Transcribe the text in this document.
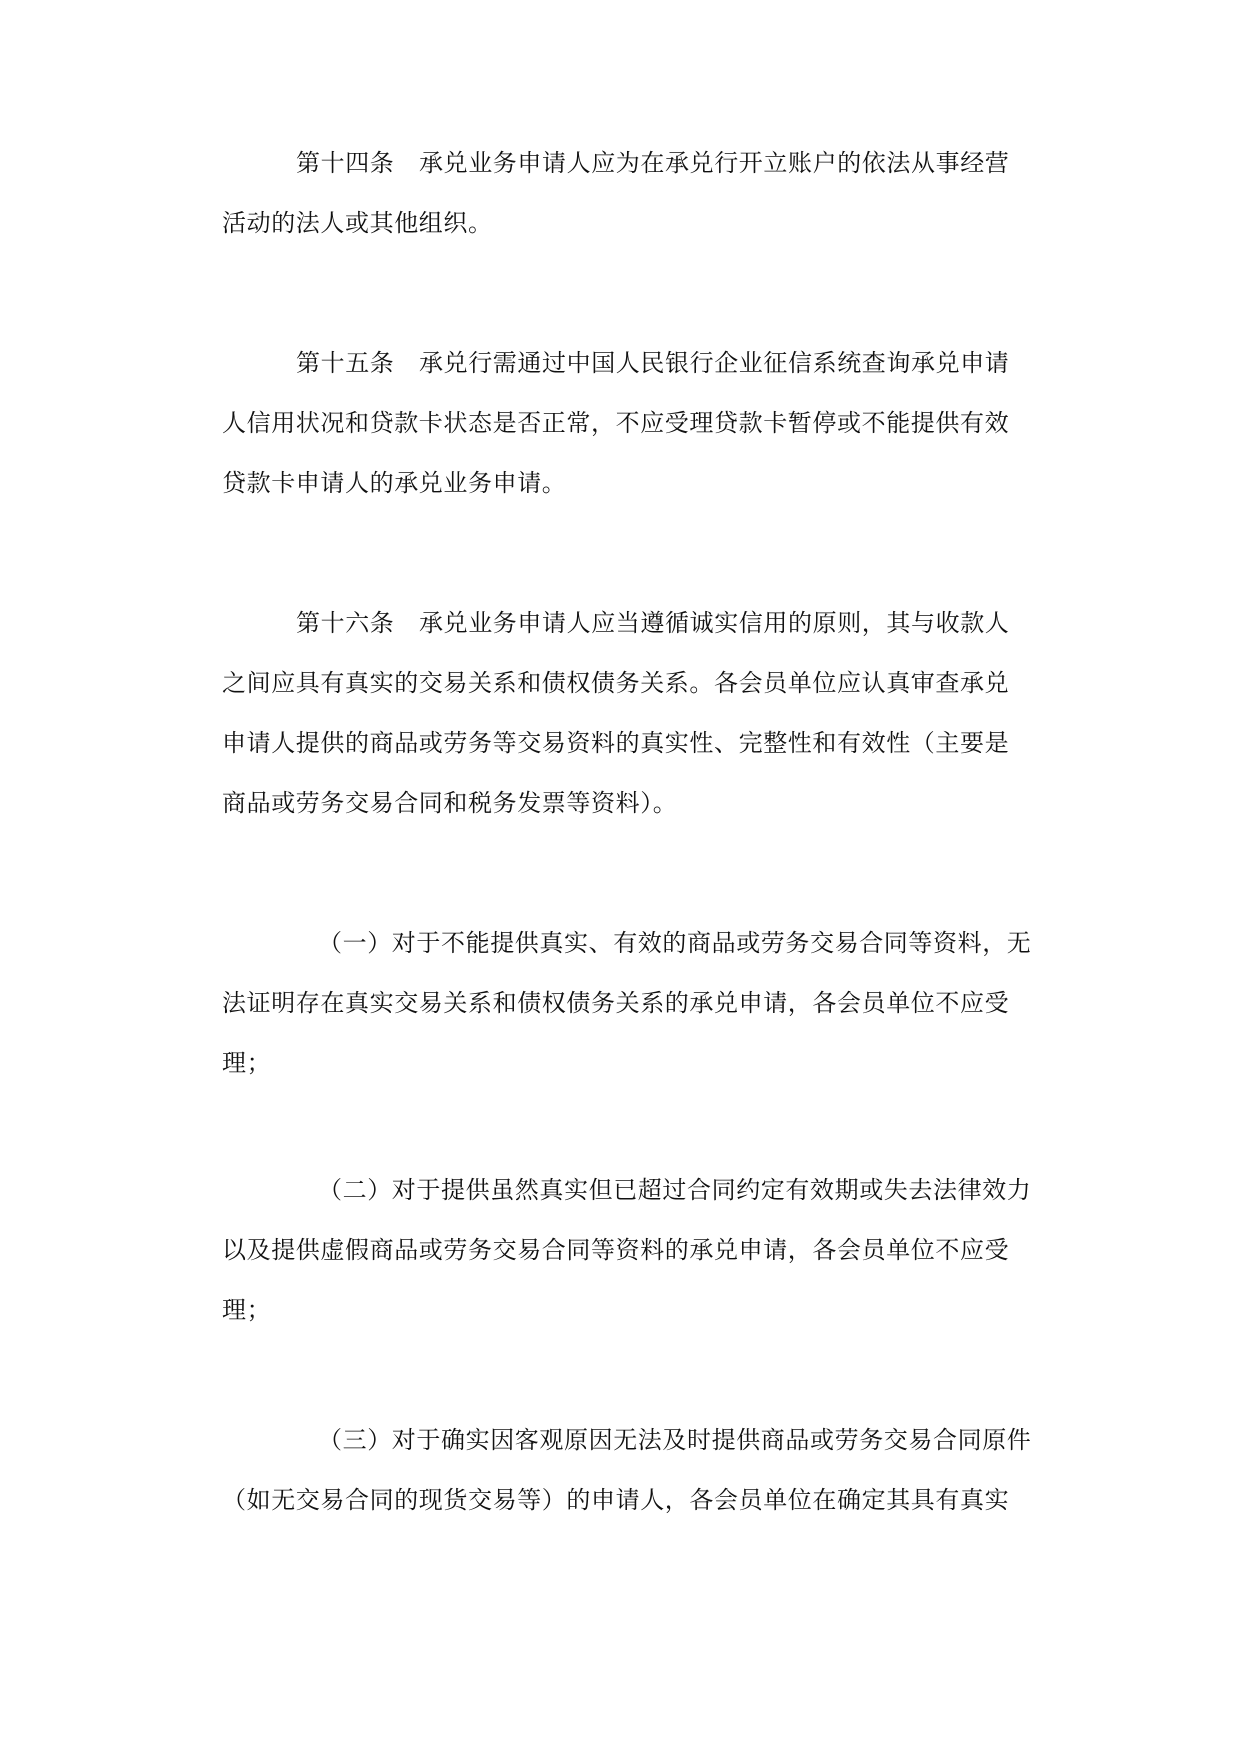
第十四条　承兑业务申请人应为在承兑行开立账户的依法从事经营
活动的法人或其他组织。
第十五条　承兑行需通过中国人民银行企业征信系统查询承兑申请
人信用状况和贷款卡状态是否正常，不应受理贷款卡暂停或不能提供有效
贷款卡申请人的承兑业务申请。
第十六条　承兑业务申请人应当遵循诚实信用的原则，其与收款人
之间应具有真实的交易关系和债权债务关系。各会员单位应认真审查承兑
申请人提供的商品或劳务等交易资料的真实性、完整性和有效性（主要是
商品或劳务交易合同和税务发票等资料）。
（一）对于不能提供真实、有效的商品或劳务交易合同等资料，无
法证明存在真实交易关系和债权债务关系的承兑申请，各会员单位不应受
理；
（二）对于提供虽然真实但已超过合同约定有效期或失去法律效力
以及提供虚假商品或劳务交易合同等资料的承兑申请，各会员单位不应受
理；
（三）对于确实因客观原因无法及时提供商品或劳务交易合同原件
（如无交易合同的现货交易等）的申请人，各会员单位在确定其具有真实
